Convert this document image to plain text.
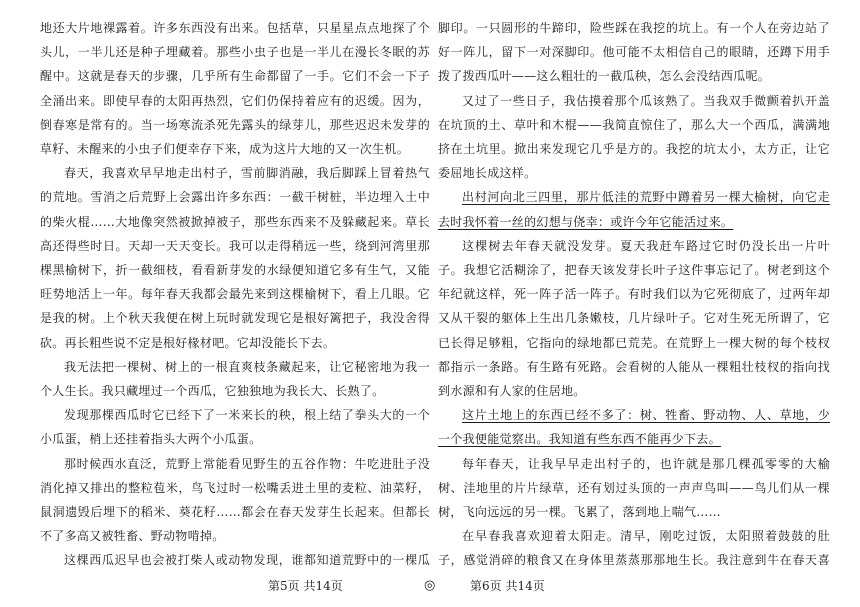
地还大片地裸露着。许多东西没有出来。包括草，只星星点点地探了个头儿，一半儿还是种子埋藏着。那些小虫子也是一半儿在漫长冬眠的苏醒中。这就是春天的步骤，几乎所有生命都留了一手。它们不会一下子全涌出来。即使早春的太阳再热烈，它们仍保持着应有的迟缓。因为，倒春寒是常有的。当一场寒流杀死先露头的绿芽儿，那些迟迟未发芽的草籽、未醒来的小虫子们便幸存下来，成为这片大地的又一次生机。

春天，我喜欢早早地走出村子，雪前脚消融，我后脚踩上冒着热气的荒地。雪消之后荒野上会露出许多东西：一截干树桩，半边埋入土中的柴火棍……大地像突然被掀掉被子，那些东西来不及躲藏起来。草长高还得些时日。天却一天天变长。我可以走得稍远一些，绕到河湾里那棵黑榆树下，折一截细枝，看看新芽发的水绿便知道它多有生气，又能旺势地活上一年。每年春天我都会最先来到这棵榆树下，看上几眼。它是我的树。上个秋天我便在树上玩时就发现它是根好篱把子，我没舍得砍。再长粗些说不定是根好椽材吧。它却没能长下去。

我无法把一棵树、树上的一根直爽枝条藏起来，让它秘密地为我一个人生长。我只藏埋过一个西瓜，它独独地为我长大、长熟了。

发现那棵西瓜时它已经下了一米来长的秧，根上结了拳头大的一个小瓜蛋，梢上还挂着指头大两个小瓜蛋。

那时候西水直泛，荒野上常能看见野生的五谷作物：牛吃进肚子没消化掉又排出的整粒苞米，鸟飞过时一松嘴丢进土里的麦粒、油菜籽，鼠洞遗毁后埋下的稻米、葵花籽……都会在春天发芽生长起来。但都长不了多高又被牲畜、野动物啃掉。

这棵西瓜迟早也会被打柴人或动物发现，谁都知道荒野中的一棵瓜

脚印。一只圆形的牛蹄印，险些踩在我挖的坑上。有一个人在旁边站了好一阵儿，留下一对深脚印。他可能不太相信自己的眼睛，还蹲下用手拨了拨西瓜叶——这么粗壮的一截瓜秧，怎么会没结西瓜呢。

又过了一些日子，我估摸着那个瓜该熟了。当我双手微颤着扒开盖在坑顶的土、草叶和木棍——我简直惊住了，那么大一个西瓜，满满地挤在土坑里。掀出来发现它几乎是方的。我挖的坑太小，太方正，让它委屈地长成这样。

出村河向北三四里，那片低洼的荒野中蹲着另一棵大榆树，向它走去时我怀着一丝的幻想与侥幸：或许今年它能活过来。

这棵树去年春天就没发芽。夏天我赶车路过它时仍没长出一片叶子。我想它活糊涂了，把春天该发芽长叶子这件事忘记了。树老到这个年纪就这样，死一阵子活一阵子。有时我们以为它死彻底了，过两年却又从干裂的躯体上生出几条嫩枝，几片绿叶子。它对生死无所谓了，它已长得足够粗，它指向的绿地都已荒芜。在荒野上一棵大树的每个枝杈都指示一条路。有生路有死路。会看树的人能从一棵粗壮枝杈的指向找到水源和有人家的住居地。

这片土地上的东西已经不多了：树、牲畜、野动物、人、草地，少一个我便能觉察出。我知道有些东西不能再少下去。

每年春天，让我早早走出村子的，也许就是那几棵孤零零的大榆树、洼地里的片片绿草，还有划过头顶的一声声鸟叫——鸟儿们从一棵树，飞向远远的另一棵。飞累了，落到地上喘气……

在早春我喜欢迎着太阳走。清早，刚吃过饭，太阳照着鼓鼓的肚子，感觉消碎的粮食又在身体里蒸蒸那那地生长。我注意到牛在春天喜

第5页 共14页	◎	第6页 共14页
